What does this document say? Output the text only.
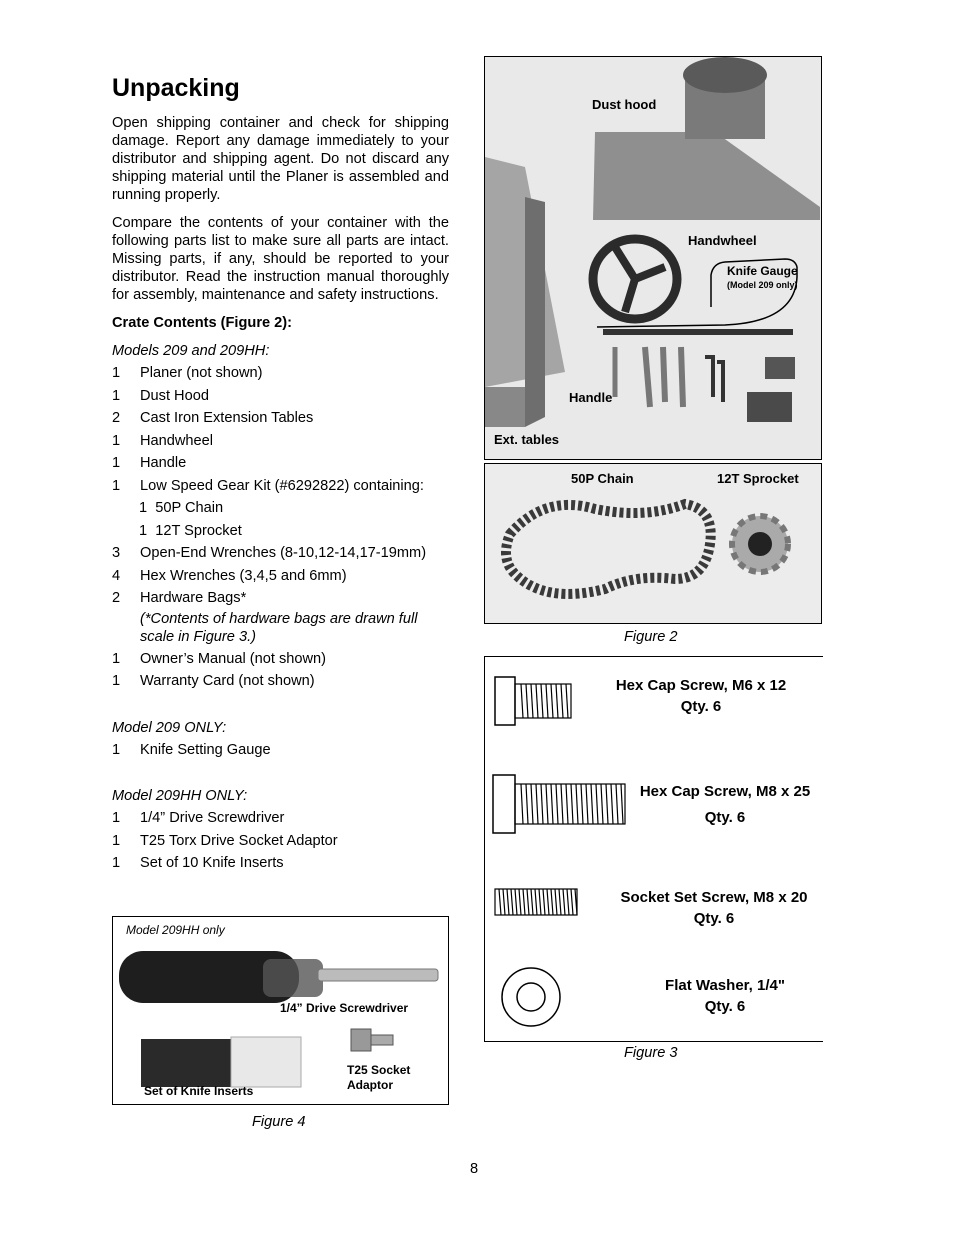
Unpacking

Open shipping container and check for shipping damage. Report any damage immediately to your distributor and shipping agent. Do not discard any shipping material until the Planer is assembled and running properly.

Compare the contents of your container with the following parts list to make sure all parts are intact. Missing parts, if any, should be reported to your distributor. Read the instruction manual thoroughly for assembly, maintenance and safety instructions.

Crate Contents (Figure 2):
Models 209 and 209HH:
1	Planer (not shown)
1	Dust Hood
2	Cast Iron Extension Tables
1	Handwheel
1	Handle
1	Low Speed Gear Kit (#6292822) containing:
1  50P Chain
1  12T Sprocket
3	Open-End Wrenches (8-10,12-14,17-19mm)
4	Hex Wrenches (3,4,5 and 6mm)
2	Hardware Bags*
(*Contents of hardware bags are drawn full scale in Figure 3.)
1	Owner’s Manual (not shown)
1	Warranty Card (not shown)
Model 209 ONLY:
1	Knife Setting Gauge
Model 209HH ONLY:
1	1/4” Drive Screwdriver
1	T25 Torx Drive Socket Adaptor
1	Set of 10 Knife Inserts
Model 209HH only
1/4” Drive Screwdriver
Set of Knife Inserts
T25 Socket
Adaptor
Figure 4
Dust hood
Handwheel
Knife Gauge
(Model 209 only)
Handle
Ext. tables
50P Chain	12T Sprocket
Figure 2
Hex Cap Screw, M6 x 12
Qty. 6
Hex Cap Screw, M8 x 25
Qty. 6
Socket Set Screw, M8 x 20
Qty. 6
Flat Washer, 1/4"
Qty. 6
Figure 3
8
